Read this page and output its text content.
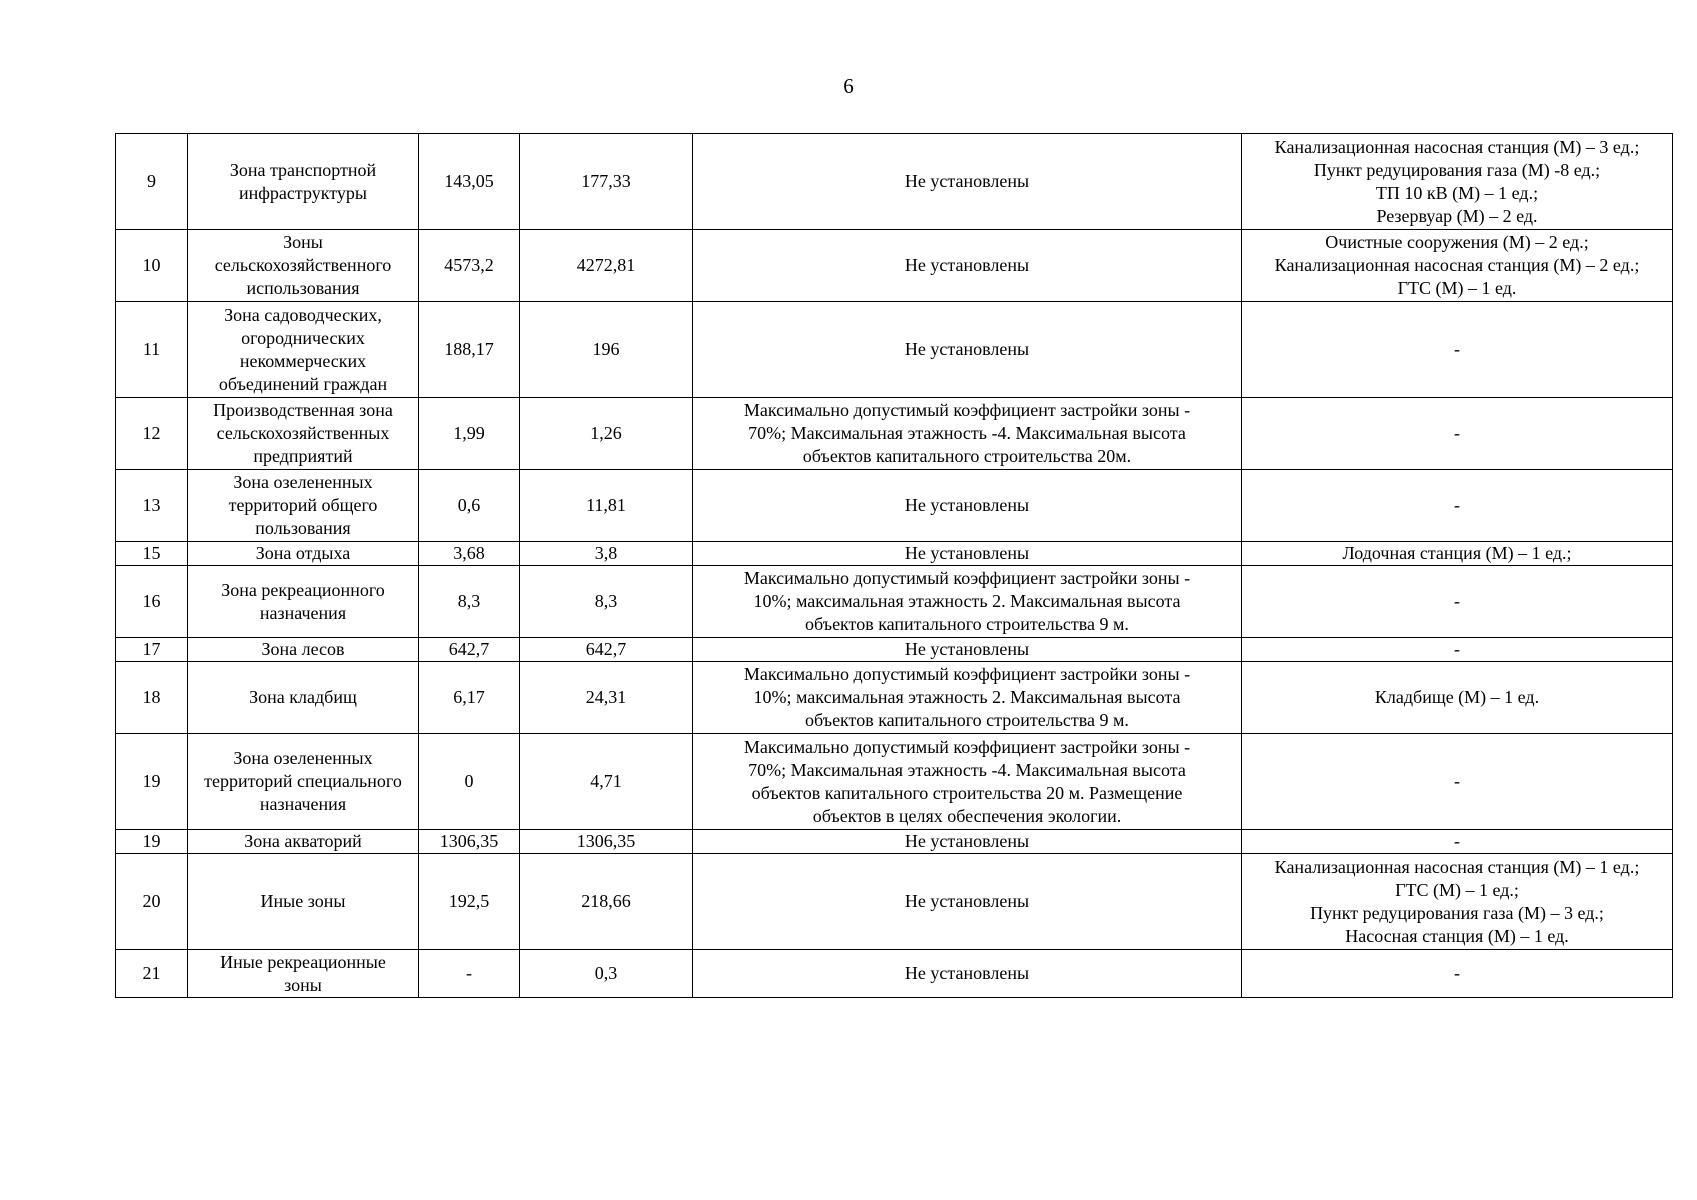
6
9	Зона транспортной
инфраструктуры	143,05	177,33	Не установлены	Канализационная насосная станция (М) – 3 ед.;
Пункт редуцирования газа (М) -8 ед.;
ТП 10 кВ (М) – 1 ед.;
Резервуар (М) – 2 ед.

10	Зоны
сельскохозяйственного
использования	4573,2	4272,81	Не установлены	Очистные сооружения (М) – 2 ед.;
Канализационная насосная станция (М) – 2 ед.;
ГТС (М) – 1 ед.

11	Зона садоводческих,
огороднических
некоммерческих
объединений граждан	188,17	196	Не установлены	-

12	Производственная зона
сельскохозяйственных
предприятий	1,99	1,26	Максимально допустимый коэффициент застройки зоны -
70%; Максимальная этажность -4. Максимальная высота
объектов капитального строительства 20м.	-

13	Зона озелененных
территорий общего
пользования	0,6	11,81	Не установлены	-

15	Зона отдыха	3,68	3,8	Не установлены	Лодочная станция (М) – 1 ед.;

16	Зона рекреационного
назначения	8,3	8,3	Максимально допустимый коэффициент застройки зоны -
10%; максимальная этажность 2. Максимальная высота
объектов капитального строительства 9 м.	-

17	Зона лесов	642,7	642,7	Не установлены	-

18	Зона кладбищ	6,17	24,31	Максимально допустимый коэффициент застройки зоны -
10%; максимальная этажность 2. Максимальная высота
объектов капитального строительства 9 м.	Кладбище (М) – 1 ед.

19	Зона озелененных
территорий специального
назначения	0	4,71	Максимально допустимый коэффициент застройки зоны -
70%; Максимальная этажность -4. Максимальная высота
объектов капитального строительства 20 м. Размещение
объектов в целях обеспечения экологии.	-

19	Зона акваторий	1306,35	1306,35	Не установлены	-

20	Иные зоны	192,5	218,66	Не установлены	Канализационная насосная станция (М) – 1 ед.;
ГТС (М) – 1 ед.;
Пункт редуцирования газа (М) – 3 ед.;
Насосная станция (М) – 1 ед.

21	Иные рекреационные
зоны	-	0,3	Не установлены	-
